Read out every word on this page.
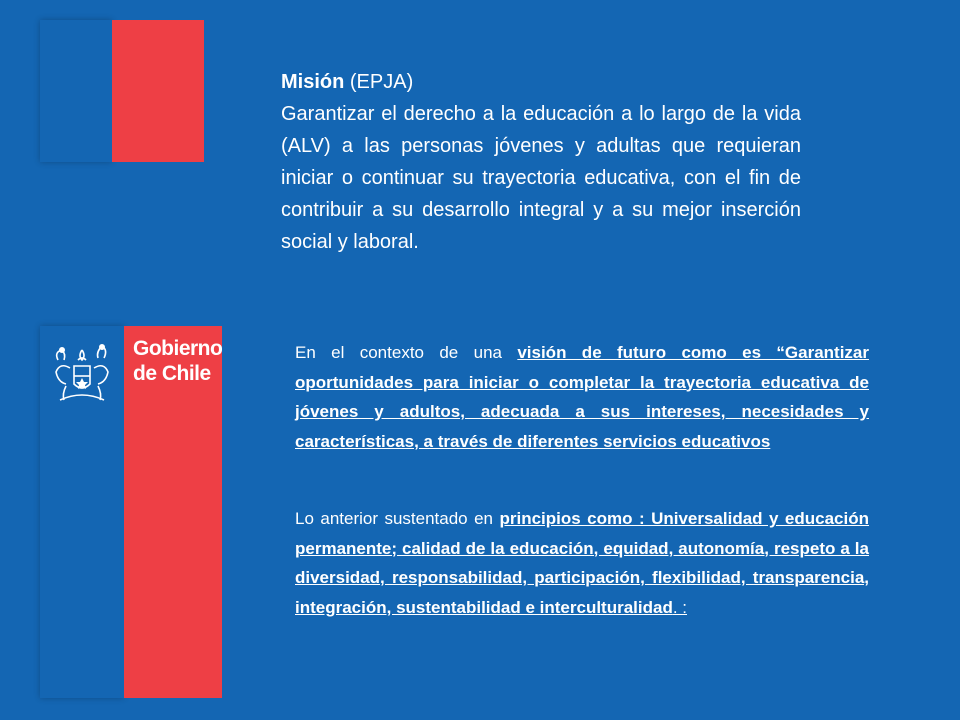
Gobierno
de Chile
Misión (EPJA)
Garantizar el derecho a la educación a lo largo de la vida (ALV) a las personas jóvenes y adultas que requieran iniciar o continuar su trayectoria educativa, con el fin de contribuir a su desarrollo integral y a su mejor inserción social y laboral.
En el contexto de una visión de futuro como es “Garantizar oportunidades para iniciar o completar la trayectoria educativa de jóvenes y adultos, adecuada a sus intereses, necesidades y características, a través de diferentes servicios educativos
Lo anterior sustentado en principios como : Universalidad y educación permanente; calidad de la educación, equidad, autonomía, respeto a la diversidad, responsabilidad, participación, flexibilidad, transparencia, integración, sustentabilidad e interculturalidad. :
